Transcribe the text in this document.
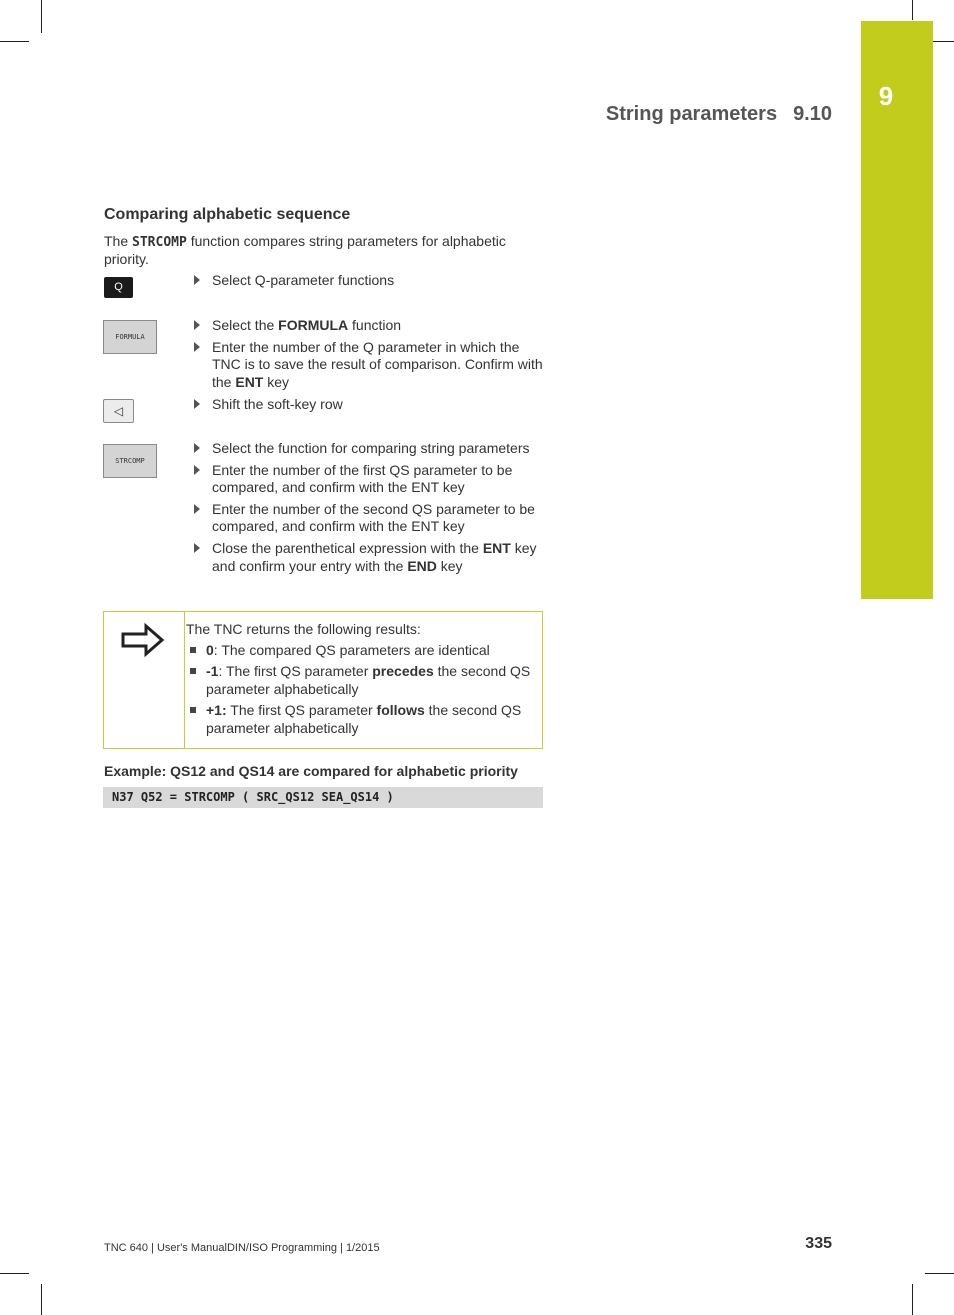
9
String parameters 9.10
Comparing alphabetic sequence
The STRCOMP function compares string parameters for alphabetic priority.
Q
FORMULA
◁
STRCOMP
Select Q-parameter functions
Select the FORMULA function
Enter the number of the Q parameter in which the TNC is to save the result of comparison. Confirm with the ENT key
Shift the soft-key row
Select the function for comparing string parameters
Enter the number of the first QS parameter to be compared, and confirm with the ENT key
Enter the number of the second QS parameter to be compared, and confirm with the ENT key
Close the parenthetical expression with the ENT key and confirm your entry with the END key
The TNC returns the following results:
0: The compared QS parameters are identical
-1: The first QS parameter precedes the second QS parameter alphabetically
+1: The first QS parameter follows the second QS parameter alphabetically
Example: QS12 and QS14 are compared for alphabetic priority
N37 Q52 = STRCOMP ( SRC_QS12 SEA_QS14 )
TNC 640 | User's ManualDIN/ISO Programming | 1/2015	335
